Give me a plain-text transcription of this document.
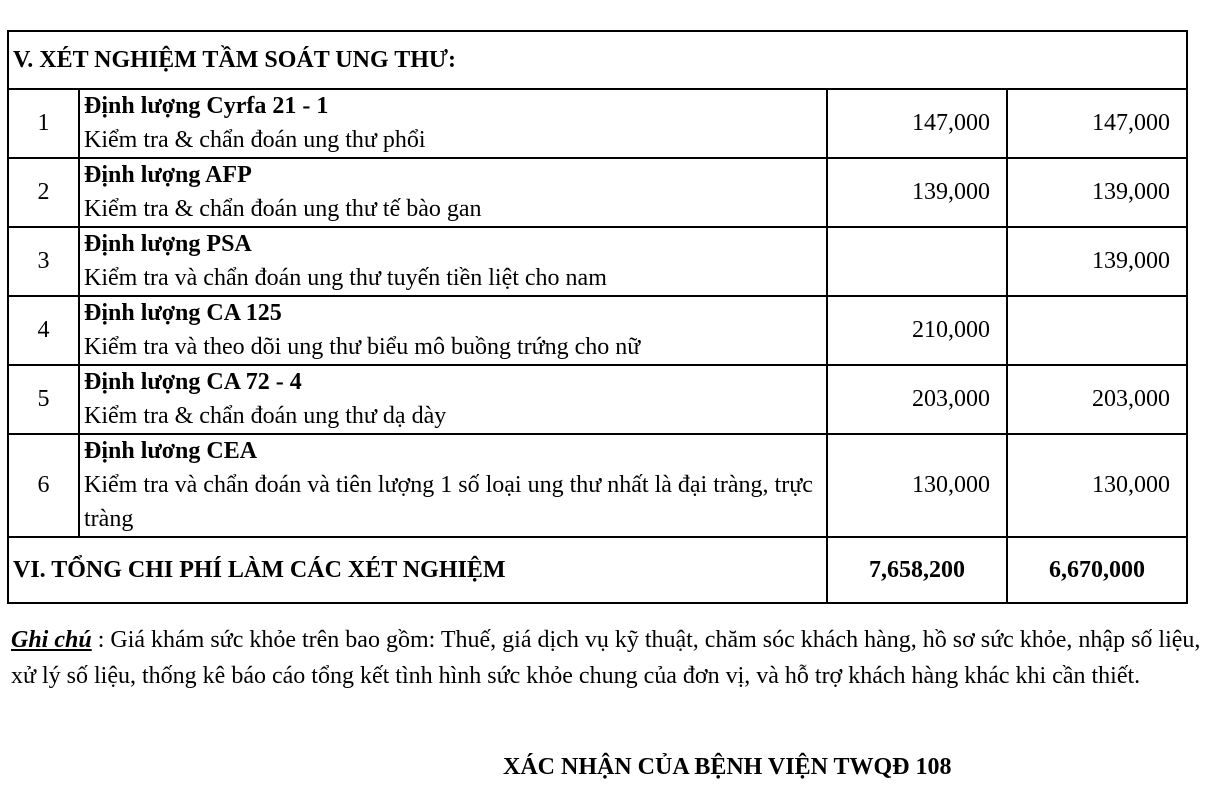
V. XÉT NGHIỆM TẦM SOÁT UNG THƯ:			
1	Định lượng Cyrfa 21 - 1
Kiểm tra & chẩn đoán ung thư phổi	147,000	147,000
2	Định lượng AFP
Kiểm tra & chẩn đoán ung thư tế bào gan	139,000	139,000
3	Định lượng PSA
Kiểm tra và chẩn đoán ung thư tuyến tiền liệt cho nam		139,000
4	Định lượng CA 125
Kiểm tra và theo dõi ung thư biểu mô buồng trứng cho nữ	210,000	
5	Định lượng CA 72 - 4
Kiểm tra & chẩn đoán ung thư dạ dày	203,000	203,000
6	Định lương CEA
Kiểm tra và chẩn đoán và tiên lượng 1 số loại ung thư nhất là đại tràng, trực tràng	130,000	130,000
VI. TỔNG CHI PHÍ LÀM CÁC XÉT NGHIỆM		7,658,200	6,670,000
Ghi chú : Giá khám sức khỏe trên bao gồm: Thuế, giá dịch vụ kỹ thuật, chăm sóc khách hàng, hồ sơ sức khỏe, nhập số liệu, xử lý số liệu, thống kê báo cáo tổng kết tình hình sức khỏe chung của đơn vị, và hỗ trợ khách hàng khác khi cần thiết.
XÁC NHẬN CỦA BỆNH VIỆN TWQĐ 108
